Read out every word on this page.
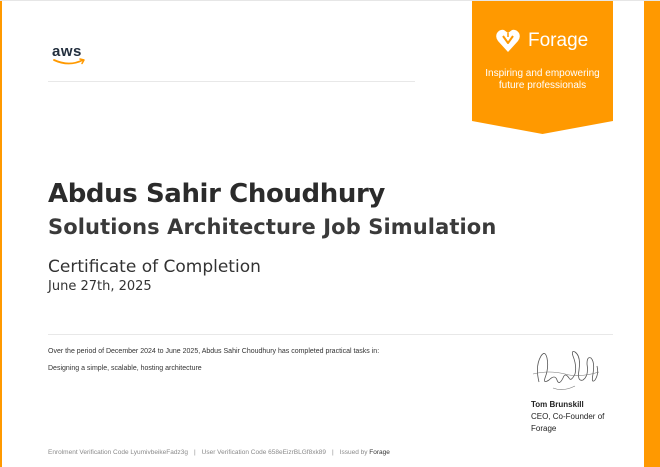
aws
Forage
Inspiring and empowering
future professionals
Abdus Sahir Choudhury
Solutions Architecture Job Simulation
Certificate of Completion
June 27th, 2025
Over the period of December 2024 to June 2025, Abdus Sahir Choudhury has completed practical tasks in:
Designing a simple, scalable, hosting architecture
Tom Brunskill
CEO, Co-Founder of
Forage
Enrolment Verification Code LyumivbeikeFadz3g | User Verification Code 658eEizrBLGf8xk89 | Issued by Forage
